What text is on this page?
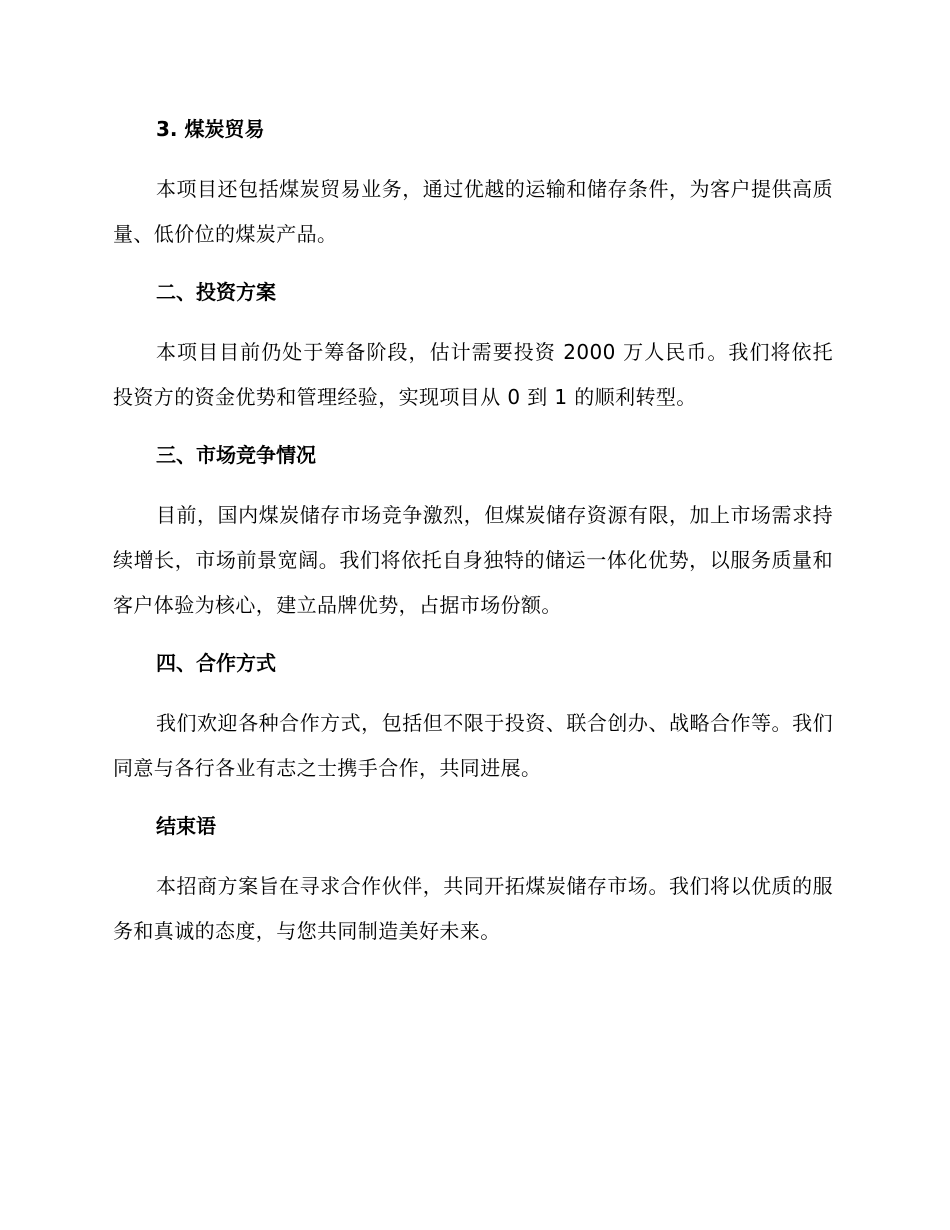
3. 煤炭贸易

本项目还包括煤炭贸易业务，通过优越的运输和储存条件，为客户提供高质量、低价位的煤炭产品。

二、投资方案

本项目目前仍处于筹备阶段，估计需要投资 2000 万人民币。我们将依托投资方的资金优势和管理经验，实现项目从 0 到 1 的顺利转型。

三、市场竞争情况

目前，国内煤炭储存市场竞争激烈，但煤炭储存资源有限，加上市场需求持续增长，市场前景宽阔。我们将依托自身独特的储运一体化优势，以服务质量和客户体验为核心，建立品牌优势，占据市场份额。

四、合作方式

我们欢迎各种合作方式，包括但不限于投资、联合创办、战略合作等。我们同意与各行各业有志之士携手合作，共同进展。

结束语

本招商方案旨在寻求合作伙伴，共同开拓煤炭储存市场。我们将以优质的服务和真诚的态度，与您共同制造美好未来。
